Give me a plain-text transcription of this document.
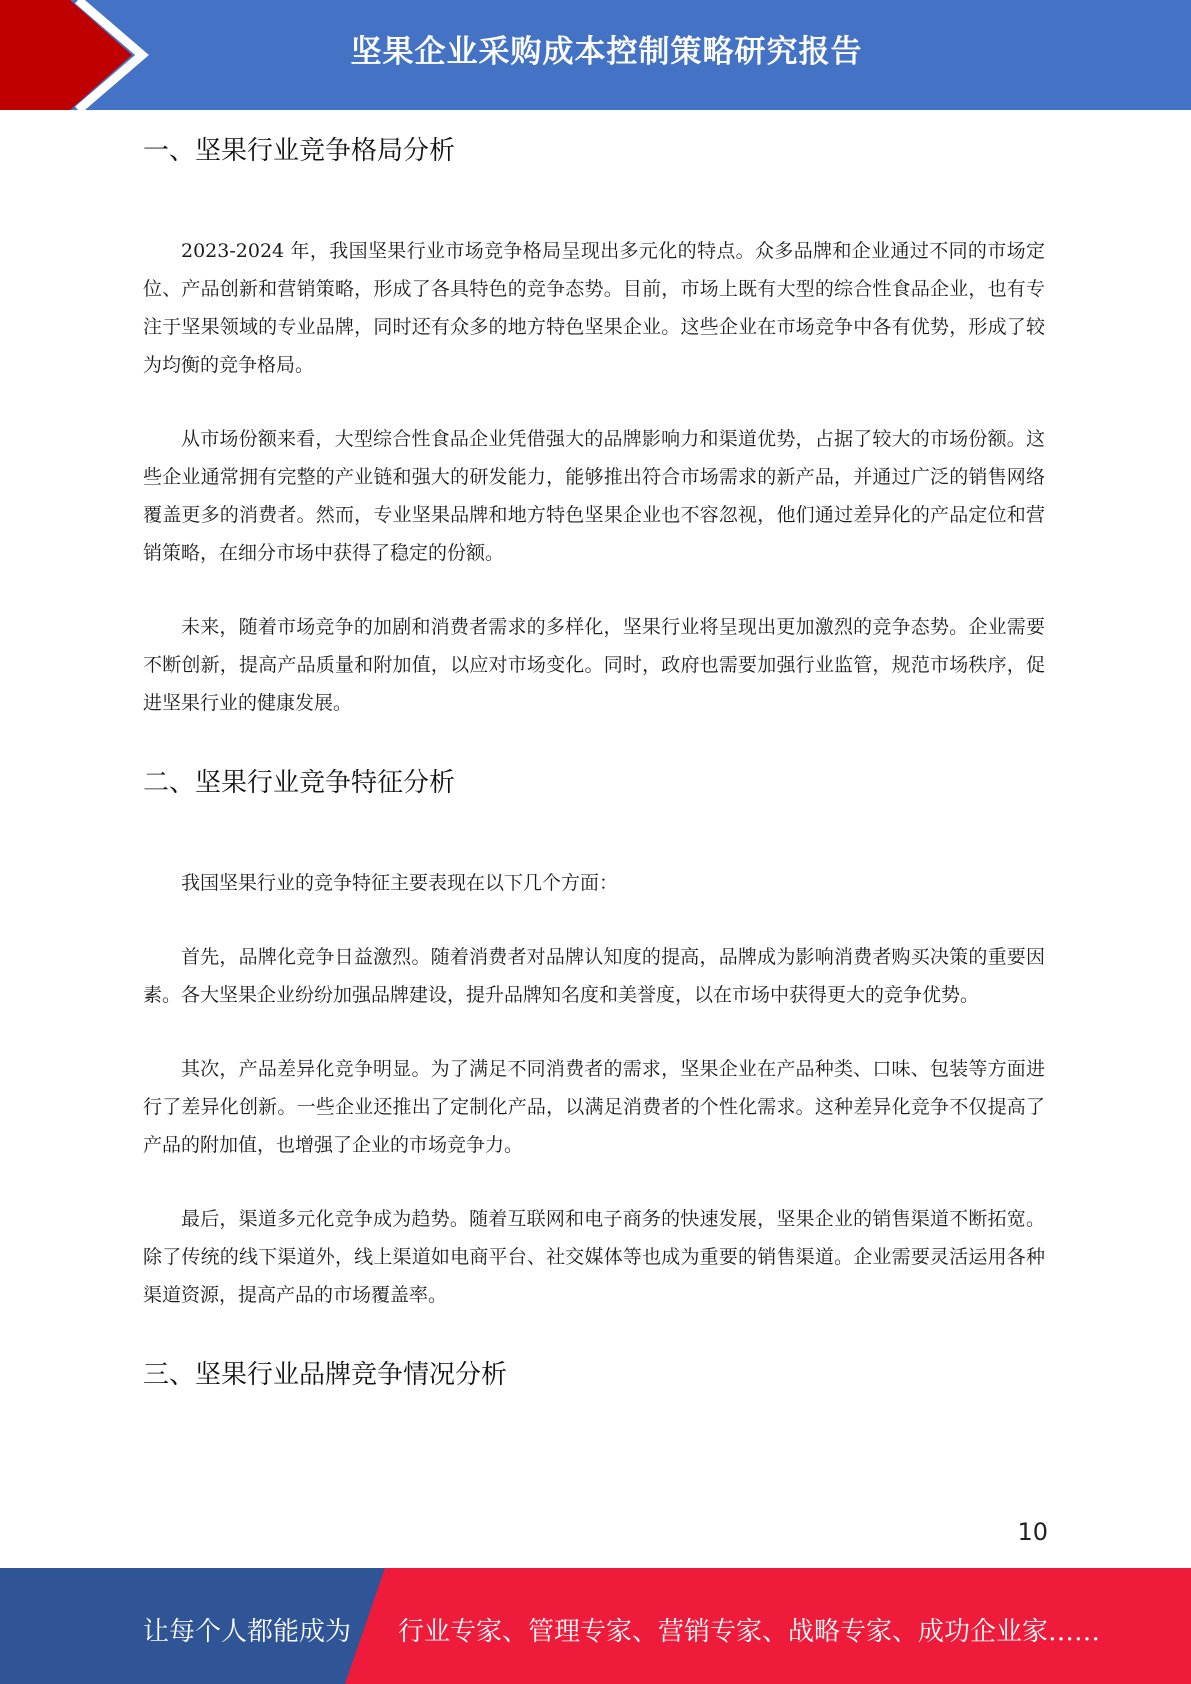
坚果企业采购成本控制策略研究报告
一、坚果行业竞争格局分析

2023-2024 年，我国坚果行业市场竞争格局呈现出多元化的特点。众多品牌和企业通过不同的市场定位、产品创新和营销策略，形成了各具特色的竞争态势。目前，市场上既有大型的综合性食品企业，也有专注于坚果领域的专业品牌，同时还有众多的地方特色坚果企业。这些企业在市场竞争中各有优势，形成了较为均衡的竞争格局。

从市场份额来看，大型综合性食品企业凭借强大的品牌影响力和渠道优势，占据了较大的市场份额。这些企业通常拥有完整的产业链和强大的研发能力，能够推出符合市场需求的新产品，并通过广泛的销售网络覆盖更多的消费者。然而，专业坚果品牌和地方特色坚果企业也不容忽视，他们通过差异化的产品定位和营销策略，在细分市场中获得了稳定的份额。

未来，随着市场竞争的加剧和消费者需求的多样化，坚果行业将呈现出更加激烈的竞争态势。企业需要不断创新，提高产品质量和附加值，以应对市场变化。同时，政府也需要加强行业监管，规范市场秩序，促进坚果行业的健康发展。

二、坚果行业竞争特征分析

我国坚果行业的竞争特征主要表现在以下几个方面：

首先，品牌化竞争日益激烈。随着消费者对品牌认知度的提高，品牌成为影响消费者购买决策的重要因素。各大坚果企业纷纷加强品牌建设，提升品牌知名度和美誉度，以在市场中获得更大的竞争优势。

其次，产品差异化竞争明显。为了满足不同消费者的需求，坚果企业在产品种类、口味、包装等方面进行了差异化创新。一些企业还推出了定制化产品，以满足消费者的个性化需求。这种差异化竞争不仅提高了产品的附加值，也增强了企业的市场竞争力。

最后，渠道多元化竞争成为趋势。随着互联网和电子商务的快速发展，坚果企业的销售渠道不断拓宽。除了传统的线下渠道外，线上渠道如电商平台、社交媒体等也成为重要的销售渠道。企业需要灵活运用各种渠道资源，提高产品的市场覆盖率。

三、坚果行业品牌竞争情况分析
10
让每个人都能成为 行业专家、管理专家、营销专家、战略专家、成功企业家……
